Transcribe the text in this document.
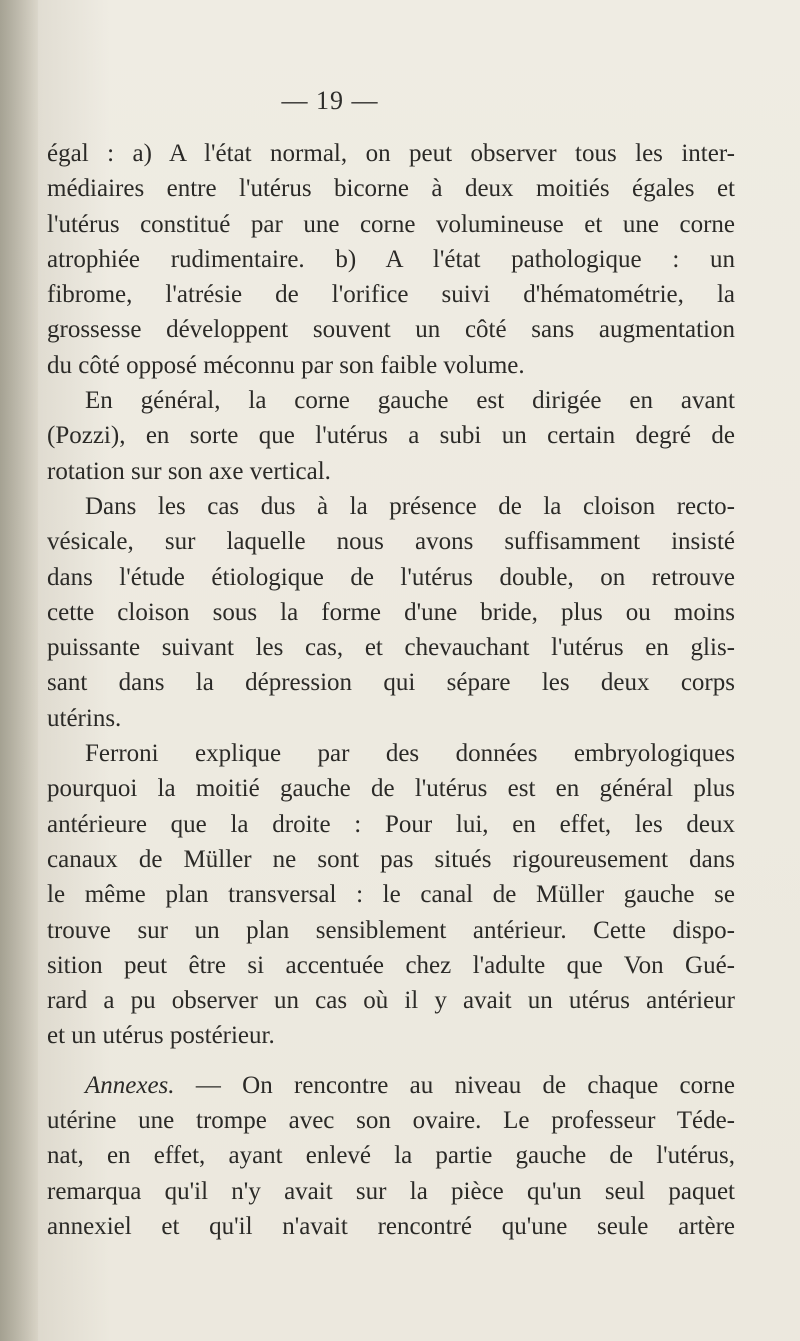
— 19 —
égal : a) A l'état normal, on peut observer tous les inter-
médiaires entre l'utérus bicorne à deux moitiés égales et
l'utérus constitué par une corne volumineuse et une corne
atrophiée rudimentaire. b) A l'état pathologique : un
fibrome, l'atrésie de l'orifice suivi d'hématométrie, la
grossesse développent souvent un côté sans augmentation
du côté opposé méconnu par son faible volume.
En général, la corne gauche est dirigée en avant
(Pozzi), en sorte que l'utérus a subi un certain degré de
rotation sur son axe vertical.
Dans les cas dus à la présence de la cloison recto-
vésicale, sur laquelle nous avons suffisamment insisté
dans l'étude étiologique de l'utérus double, on retrouve
cette cloison sous la forme d'une bride, plus ou moins
puissante suivant les cas, et chevauchant l'utérus en glis-
sant dans la dépression qui sépare les deux corps
utérins.
Ferroni explique par des données embryologiques
pourquoi la moitié gauche de l'utérus est en général plus
antérieure que la droite : Pour lui, en effet, les deux
canaux de Müller ne sont pas situés rigoureusement dans
le même plan transversal : le canal de Müller gauche se
trouve sur un plan sensiblement antérieur. Cette dispo-
sition peut être si accentuée chez l'adulte que Von Gué-
rard a pu observer un cas où il y avait un utérus antérieur
et un utérus postérieur.
Annexes. — On rencontre au niveau de chaque corne
utérine une trompe avec son ovaire. Le professeur Téde-
nat, en effet, ayant enlevé la partie gauche de l'utérus,
remarqua qu'il n'y avait sur la pièce qu'un seul paquet
annexiel et qu'il n'avait rencontré qu'une seule artère
